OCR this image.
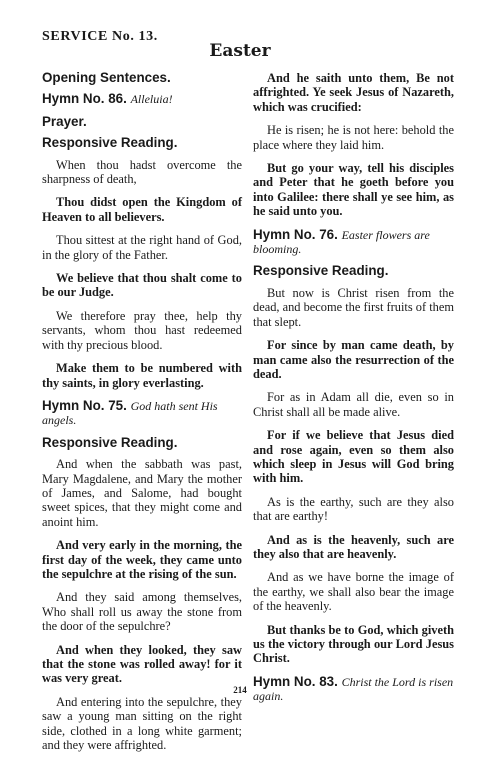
SERVICE No. 13.
Easter
Opening Sentences.
Hymn No. 86. Alleluia!
Prayer.
Responsive Reading.

When thou hadst overcome the sharpness of death,

Thou didst open the Kingdom of Heaven to all believers.

Thou sittest at the right hand of God, in the glory of the Father.

We believe that thou shalt come to be our Judge.

We therefore pray thee, help thy servants, whom thou hast redeemed with thy precious blood.

Make them to be numbered with thy saints, in glory everlasting.

Hymn No. 75. God hath sent His angels.
Responsive Reading.

And when the sabbath was past, Mary Magdalene, and Mary the mother of James, and Salome, had bought sweet spices, that they might come and anoint him.

And very early in the morning, the first day of the week, they came unto the sepulchre at the rising of the sun.

And they said among themselves, Who shall roll us away the stone from the door of the sepulchre?

And when they looked, they saw that the stone was rolled away! for it was very great.

And entering into the sepulchre, they saw a young man sitting on the right side, clothed in a long white garment; and they were affrighted.

And he saith unto them, Be not affrighted. Ye seek Jesus of Nazareth, which was crucified:

He is risen; he is not here: behold the place where they laid him.

But go your way, tell his disciples and Peter that he goeth before you into Galilee: there shall ye see him, as he said unto you.

Hymn No. 76. Easter flowers are blooming.
Responsive Reading.

But now is Christ risen from the dead, and become the first fruits of them that slept.

For since by man came death, by man came also the resurrection of the dead.

For as in Adam all die, even so in Christ shall all be made alive.

For if we believe that Jesus died and rose again, even so them also which sleep in Jesus will God bring with him.

As is the earthy, such are they also that are earthy!

And as is the heavenly, such are they also that are heavenly.

And as we have borne the image of the earthy, we shall also bear the image of the heavenly.

But thanks be to God, which giveth us the victory through our Lord Jesus Christ.

Hymn No. 83. Christ the Lord is risen again.
214
